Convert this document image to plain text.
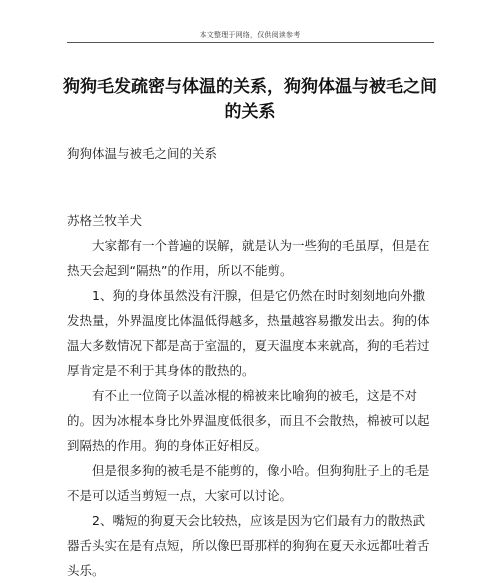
本文整理于网络，仅供阅读参考
狗狗毛发疏密与体温的关系，狗狗体温与被毛之间的关系
狗狗体温与被毛之间的关系
苏格兰牧羊犬

大家都有一个普遍的误解，就是认为一些狗的毛虽厚，但是在热天会起到“隔热”的作用，所以不能剪。

1、狗的身体虽然没有汗腺，但是它仍然在时时刻刻地向外撒发热量，外界温度比体温低得越多，热量越容易撒发出去。狗的体温大多数情况下都是高于室温的，夏天温度本来就高，狗的毛若过厚肯定是不利于其身体的散热的。

有不止一位筒子以盖冰棍的棉被来比喻狗的被毛，这是不对的。因为冰棍本身比外界温度低很多，而且不会散热，棉被可以起到隔热的作用。狗的身体正好相反。

但是很多狗的被毛是不能剪的，像小哈。但狗狗肚子上的毛是不是可以适当剪短一点，大家可以讨论。

2、嘴短的狗夏天会比较热，应该是因为它们最有力的散热武器舌头实在是有点短，所以像巴哥那样的狗狗在夏天永远都吐着舌头乐。
